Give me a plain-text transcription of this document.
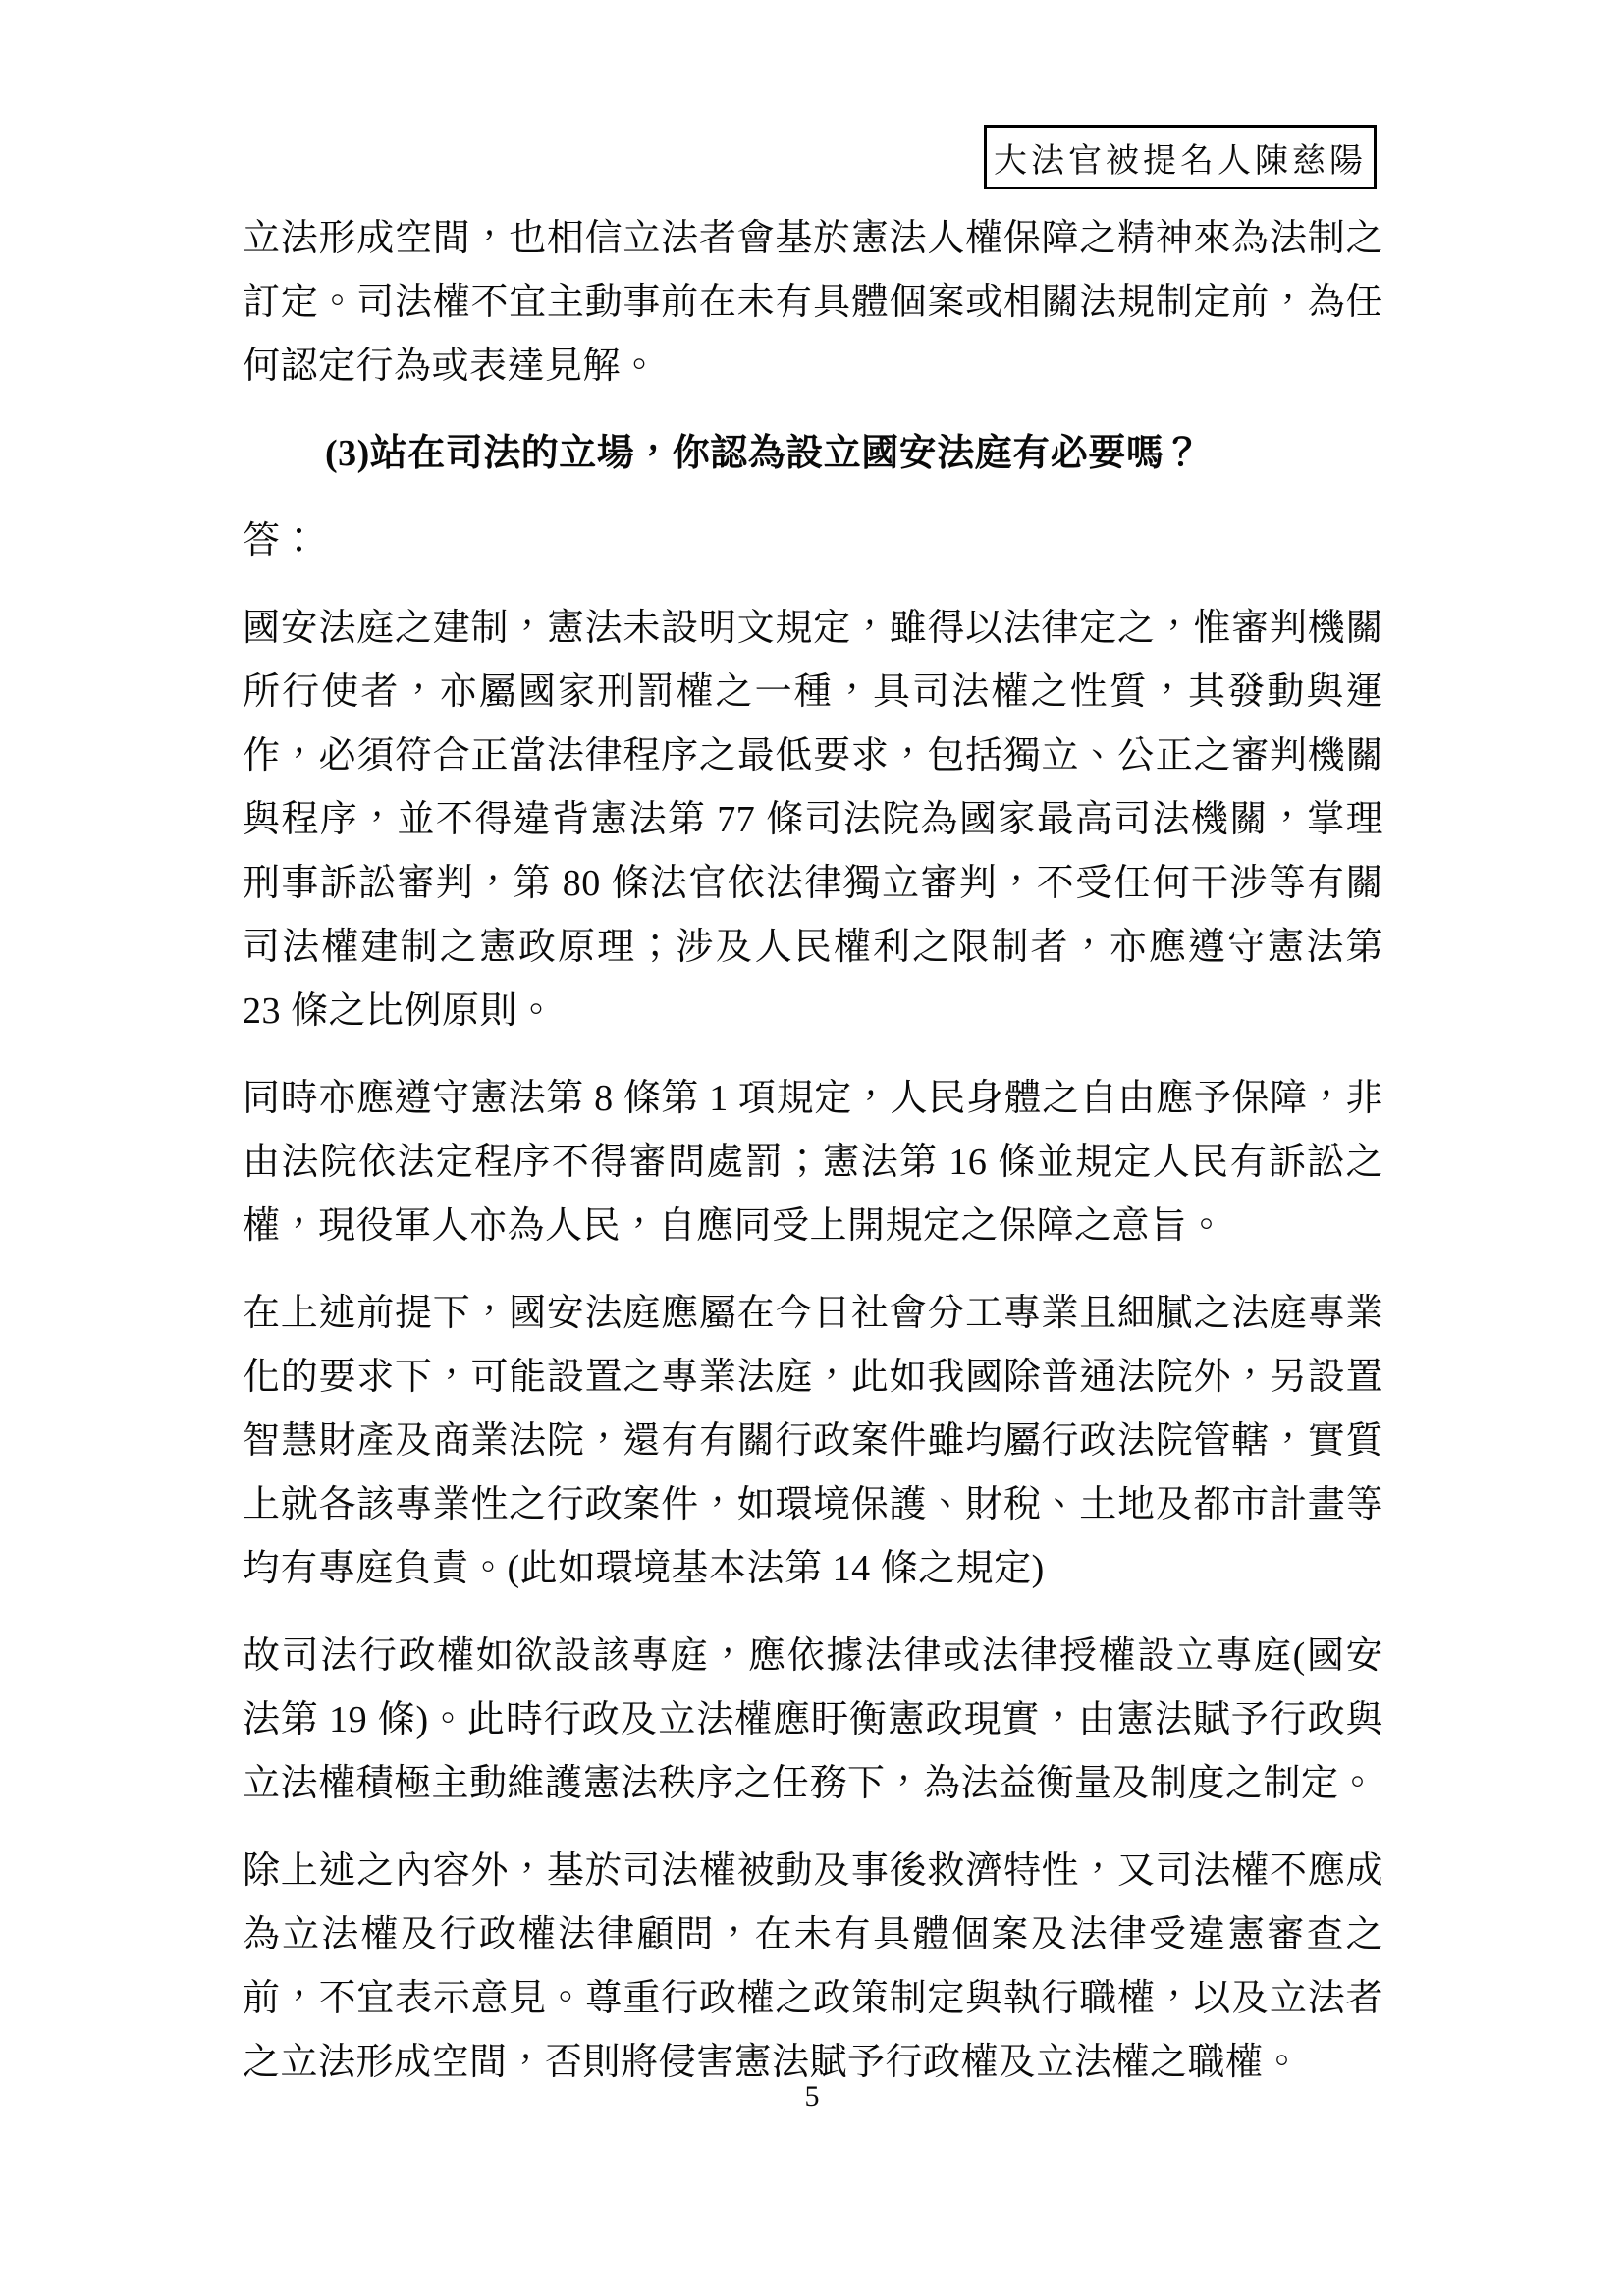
大法官被提名人陳慈陽

立法形成空間，也相信立法者會基於憲法人權保障之精神來為法制之訂定。司法權不宜主動事前在未有具體個案或相關法規制定前，為任何認定行為或表達見解。

(3)站在司法的立場，你認為設立國安法庭有必要嗎？

答：

國安法庭之建制，憲法未設明文規定，雖得以法律定之，惟審判機關所行使者，亦屬國家刑罰權之一種，具司法權之性質，其發動與運作，必須符合正當法律程序之最低要求，包括獨立、公正之審判機關與程序，並不得違背憲法第 77 條司法院為國家最高司法機關，掌理刑事訴訟審判，第 80 條法官依法律獨立審判，不受任何干涉等有關司法權建制之憲政原理；涉及人民權利之限制者，亦應遵守憲法第 23 條之比例原則。

同時亦應遵守憲法第 8 條第 1 項規定，人民身體之自由應予保障，非由法院依法定程序不得審問處罰；憲法第 16 條並規定人民有訴訟之權，現役軍人亦為人民，自應同受上開規定之保障之意旨。

在上述前提下，國安法庭應屬在今日社會分工專業且細膩之法庭專業化的要求下，可能設置之專業法庭，此如我國除普通法院外，另設置智慧財產及商業法院，還有有關行政案件雖均屬行政法院管轄，實質上就各該專業性之行政案件，如環境保護、財稅、土地及都市計畫等均有專庭負責。(此如環境基本法第 14 條之規定)

故司法行政權如欲設該專庭，應依據法律或法律授權設立專庭(國安法第 19 條)。此時行政及立法權應盱衡憲政現實，由憲法賦予行政與立法權積極主動維護憲法秩序之任務下，為法益衡量及制度之制定。

除上述之內容外，基於司法權被動及事後救濟特性，又司法權不應成為立法權及行政權法律顧問，在未有具體個案及法律受違憲審查之前，不宜表示意見。尊重行政權之政策制定與執行職權，以及立法者之立法形成空間，否則將侵害憲法賦予行政權及立法權之職權。

5
